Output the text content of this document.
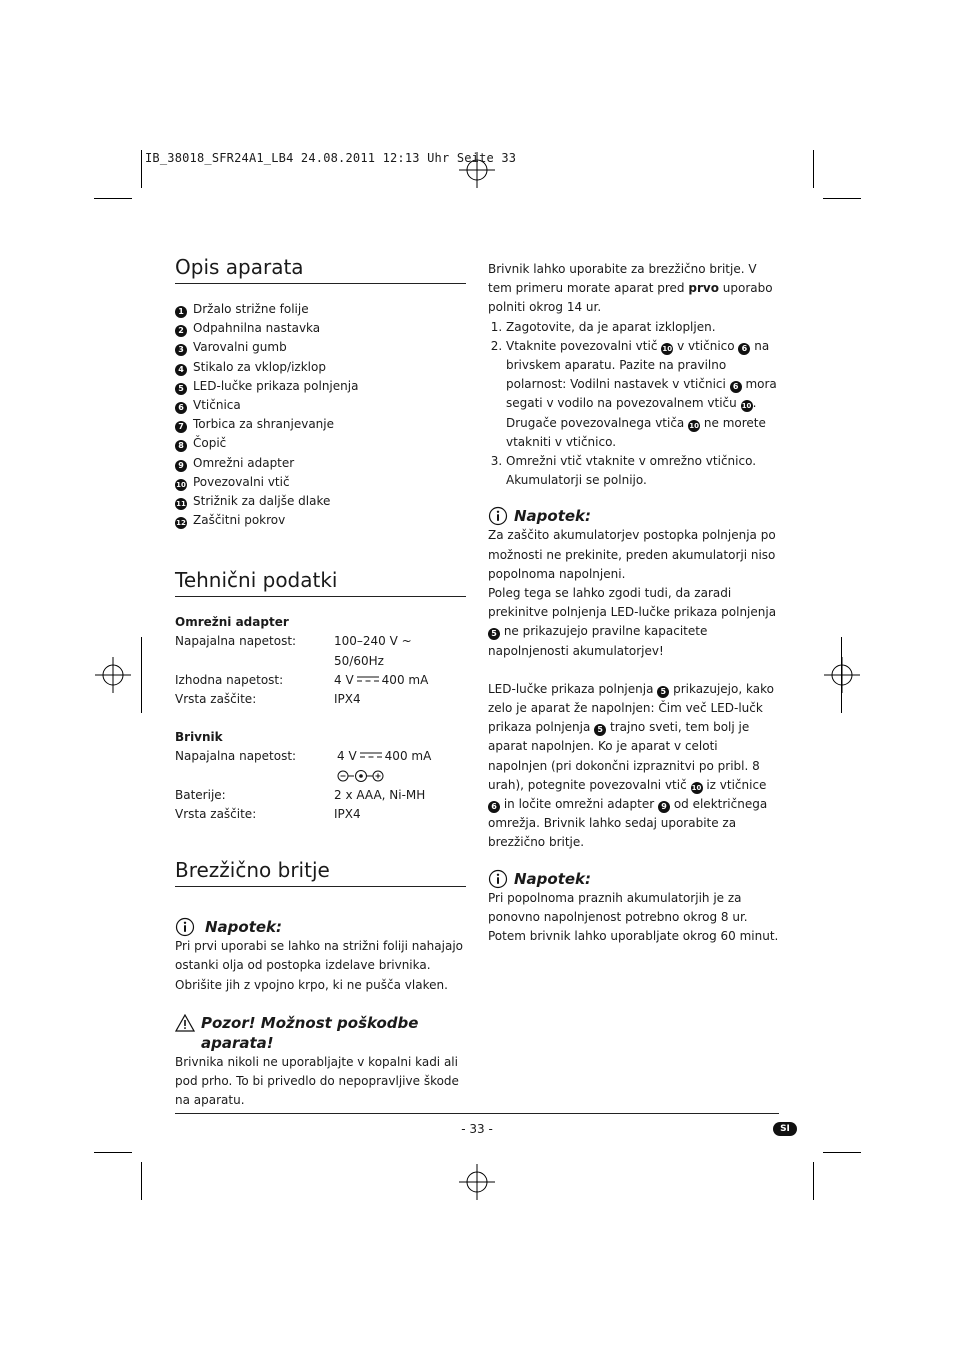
IB_38018_SFR24A1_LB4 24.08.2011 12:13 Uhr Seite 33
Opis aparata
1 Držalo strižne folije
2 Odpahnilna nastavka
3 Varovalni gumb
4 Stikalo za vklop/izklop
5 LED-lučke prikaza polnjenja
6 Vtičnica
7 Torbica za shranjevanje
8 Čopič
9 Omrežni adapter
10 Povezovalni vtič
11 Strižnik za daljše dlake
12 Zaščitni pokrov
Tehnični podatki
Omrežni adapter
Napajalna napetost:	100–240 V ~
50/60Hz
Izhodna napetost:	4 V 400 mA
Vrsta zaščite:	IPX4
Brivnik
Napajalna napetost:	4 V 400 mA
Baterije:	2 x AAA, Ni-MH
Vrsta zaščite:	IPX4
Brezžično britje
Napotek:

Pri prvi uporabi se lahko na strižni foliji nahajajo ostanki olja od postopka izdelave brivnika. Obrišite jih z vpojno krpo, ki ne pušča vlaken.

Pozor! Možnost poškodbe
aparata!

Brivnika nikoli ne uporabljajte v kopalni kadi ali pod prho. To bi privedlo do nepopravljive škode na aparatu.

Brivnik lahko uporabite za brezžično britje. V tem primeru morate aparat pred prvo uporabo polniti okrog 14 ur.

1. Zagotovite, da je aparat izklopljen.
2. Vtaknite povezovalni vtič 10 v vtičnico 6 na brivskem aparatu. Pazite na pravilno polarnost: Vodilni nastavek v vtičnici 6 mora segati v vodilo na povezovalnem vtiču 10. Drugače povezovalnega vtiča 10 ne morete vtakniti v vtičnico.
3. Omrežni vtič vtaknite v omrežno vtičnico. Akumulatorji se polnijo.
Napotek:

Za zaščito akumulatorjev postopka polnjenja po možnosti ne prekinite, preden akumulatorji niso popolnoma napolnjeni.

Poleg tega se lahko zgodi tudi, da zaradi prekinitve polnjenja LED-lučke prikaza polnjenja 5 ne prikazujejo pravilne kapacitete napolnjenosti akumulatorjev!

LED-lučke prikaza polnjenja 5 prikazujejo, kako zelo je aparat že napolnjen: Čim več LED-lučk prikaza polnjenja 5 trajno sveti, tem bolj je aparat napolnjen. Ko je aparat v celoti napolnjen (pri dokončni izpraznitvi po pribl. 8 urah), potegnite povezovalni vtič 10 iz vtičnice 6 in ločite omrežni adapter 9 od električnega omrežja. Brivnik lahko sedaj uporabite za brezžično britje.

Napotek:

Pri popolnoma praznih akumulatorjih je za ponovno napolnjenost potrebno okrog 8 ur. Potem brivnik lahko uporabljate okrog 60 minut.

- 33 -	SI
